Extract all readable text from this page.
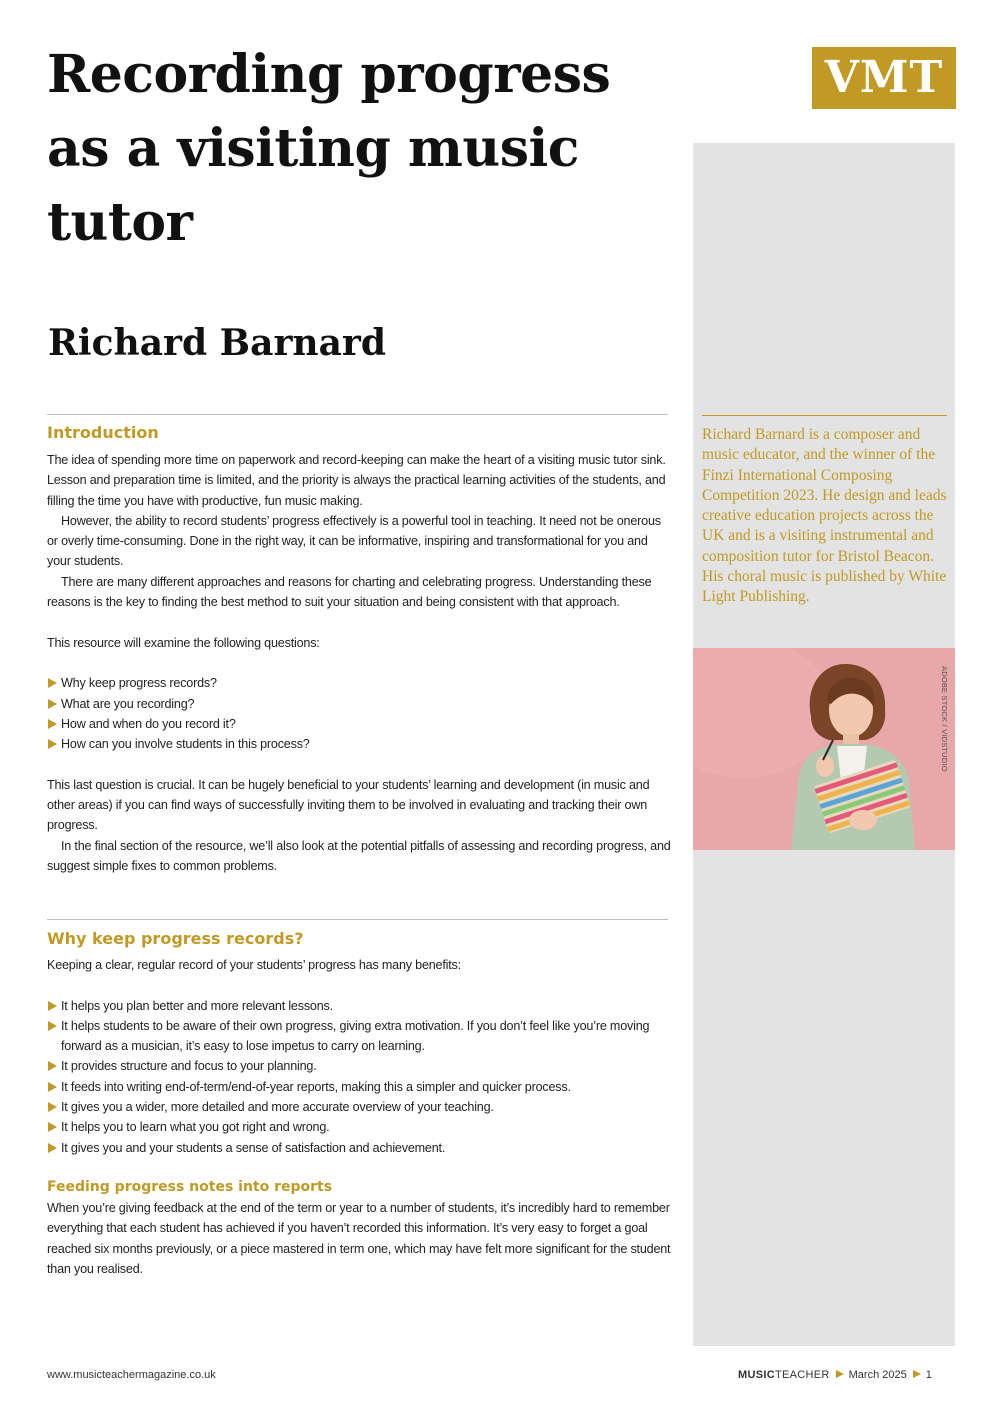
Recording progress as a visiting music tutor
Richard Barnard
VMT

Richard Barnard is a composer and music educator, and the winner of the Finzi International Composing Competition 2023. He design and leads creative education projects across the UK and is a visiting instrumental and composition tutor for Bristol Beacon. His choral music is published by White Light Publishing.

ADOBE STOCK / VIDSTUDIO
Introduction

The idea of spending more time on paperwork and record-keeping can make the heart of a visiting music tutor sink. Lesson and preparation time is limited, and the priority is always the practical learning activities of the students, and filling the time you have with productive, fun music making.

However, the ability to record students’ progress effectively is a powerful tool in teaching. It need not be onerous or overly time-consuming. Done in the right way, it can be informative, inspiring and transformational for you and your students.

There are many different approaches and reasons for charting and celebrating progress. Understanding these reasons is the key to finding the best method to suit your situation and being consistent with that approach.

This resource will examine the following questions:

Why keep progress records?
What are you recording?
How and when do you record it?
How can you involve students in this process?

This last question is crucial. It can be hugely beneficial to your students’ learning and development (in music and other areas) if you can find ways of successfully inviting them to be involved in evaluating and tracking their own progress.

In the final section of the resource, we’ll also look at the potential pitfalls of assessing and recording progress, and suggest simple fixes to common problems.

Why keep progress records?

Keeping a clear, regular record of your students’ progress has many benefits:

It helps you plan better and more relevant lessons.
It helps students to be aware of their own progress, giving extra motivation. If you don’t feel like you’re moving forward as a musician, it’s easy to lose impetus to carry on learning.
It provides structure and focus to your planning.
It feeds into writing end-of-term/end-of-year reports, making this a simpler and quicker process.
It gives you a wider, more detailed and more accurate overview of your teaching.
It helps you to learn what you got right and wrong.
It gives you and your students a sense of satisfaction and achievement.
Feeding progress notes into reports

When you’re giving feedback at the end of the term or year to a number of students, it’s incredibly hard to remember everything that each student has achieved if you haven’t recorded this information. It’s very easy to forget a goal reached six months previously, or a piece mastered in term one, which may have felt more significant for the student than you realised.

www.musicteachermagazine.co.uk	MUSICTEACHER March 2025 1
